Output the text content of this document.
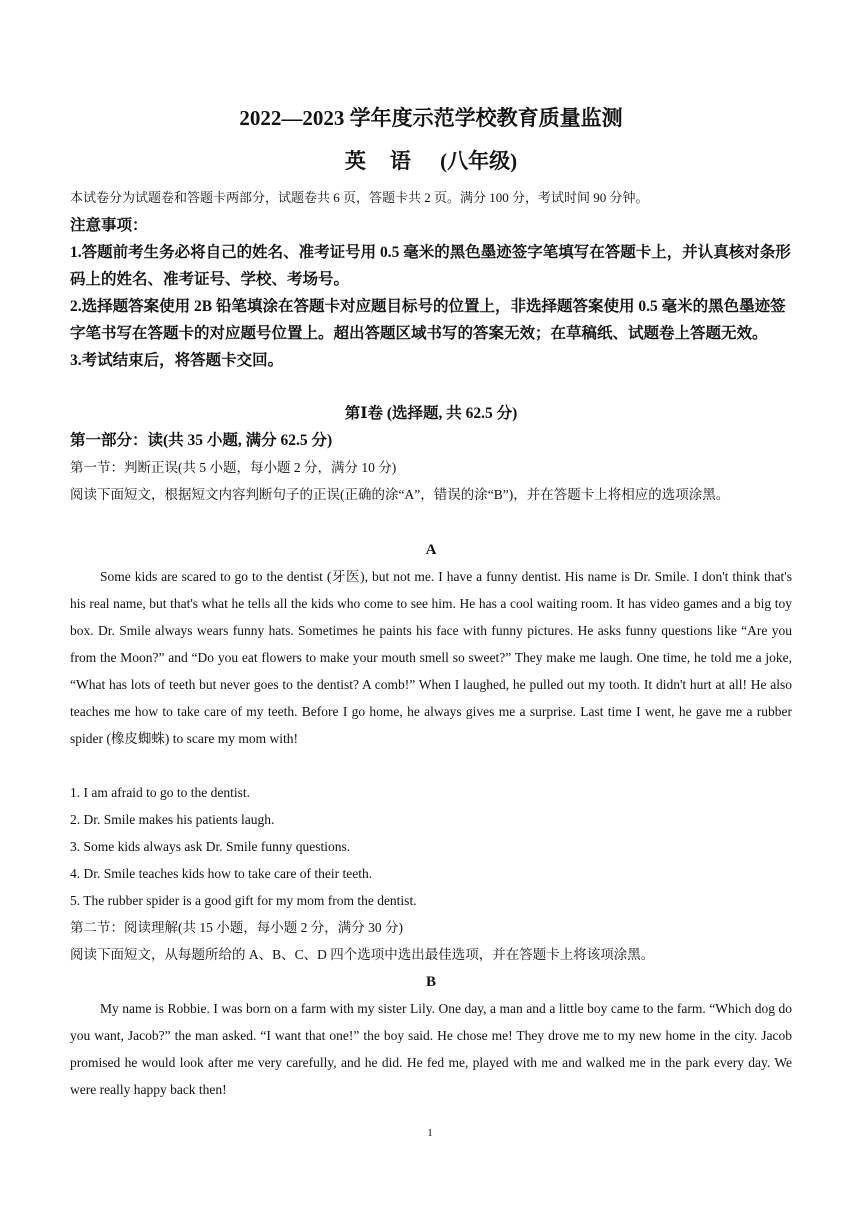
2022—2023 学年度示范学校教育质量监测
英语 (八年级)
本试卷分为试题卷和答题卡两部分，试题卷共 6 页，答题卡共 2 页。满分 100 分，考试时间 90 分钟。
注意事项：
1.答题前考生务必将自己的姓名、准考证号用 0.5 毫米的黑色墨迹签字笔填写在答题卡上，并认真核对条形码上的姓名、准考证号、学校、考场号。
2.选择题答案使用 2B 铅笔填涂在答题卡对应题目标号的位置上，非选择题答案使用 0.5 毫米的黑色墨迹签字笔书写在答题卡的对应题号位置上。超出答题区域书写的答案无效；在草稿纸、试题卷上答题无效。
3.考试结束后，将答题卡交回。
第Ⅰ卷 (选择题, 共 62.5 分)
第一部分：读(共 35 小题, 满分 62.5 分)
第一节：判断正误(共 5 小题，每小题 2 分，满分 10 分)
阅读下面短文，根据短文内容判断句子的正误(正确的涂“A”，错误的涂“B”)，并在答题卡上将相应的选项涂黑。
A
Some kids are scared to go to the dentist (牙医), but not me. I have a funny dentist. His name is Dr. Smile. I don't think that's his real name, but that's what he tells all the kids who come to see him. He has a cool waiting room. It has video games and a big toy box. Dr. Smile always wears funny hats. Sometimes he paints his face with funny pictures. He asks funny questions like “Are you from the Moon?” and “Do you eat flowers to make your mouth smell so sweet?” They make me laugh. One time, he told me a joke, “What has lots of teeth but never goes to the dentist? A comb!” When I laughed, he pulled out my tooth. It didn't hurt at all! He also teaches me how to take care of my teeth. Before I go home, he always gives me a surprise. Last time I went, he gave me a rubber spider (橡皮蜘蛛) to scare my mom with!
1. I am afraid to go to the dentist.
2. Dr. Smile makes his patients laugh.
3. Some kids always ask Dr. Smile funny questions.
4. Dr. Smile teaches kids how to take care of their teeth.
5. The rubber spider is a good gift for my mom from the dentist.
第二节：阅读理解(共 15 小题，每小题 2 分，满分 30 分)
阅读下面短文，从每题所给的 A、B、C、D 四个选项中选出最佳选项，并在答题卡上将该项涂黑。
B
My name is Robbie. I was born on a farm with my sister Lily. One day, a man and a little boy came to the farm. “Which dog do you want, Jacob?” the man asked. “I want that one!” the boy said. He chose me! They drove me to my new home in the city. Jacob promised he would look after me very carefully, and he did. He fed me, played with me and walked me in the park every day. We were really happy back then!
1
